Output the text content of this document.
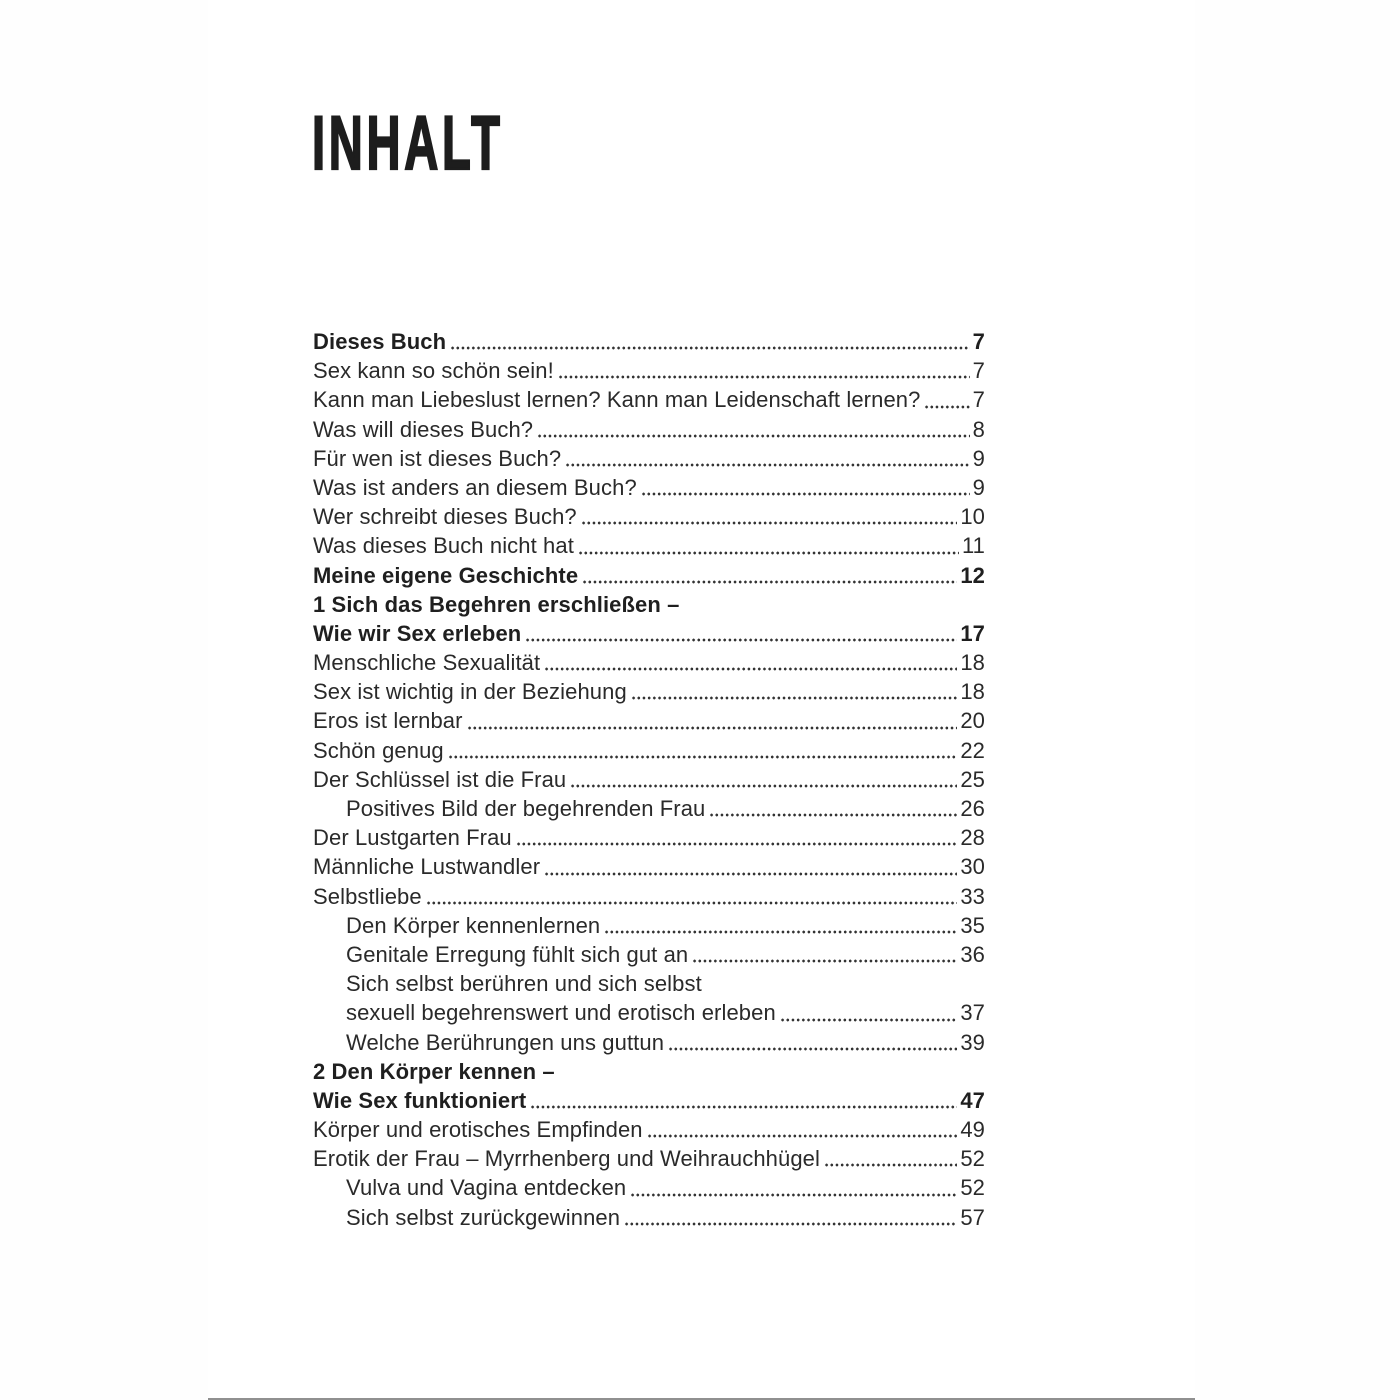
INHALT
Dieses Buch	7
Sex kann so schön sein!	7
Kann man Liebeslust lernen? Kann man Leidenschaft lernen? 7
Was will dieses Buch?	8
Für wen ist dieses Buch?	9
Was ist anders an diesem Buch?	9
Wer schreibt dieses Buch?	10
Was dieses Buch nicht hat	11
Meine eigene Geschichte	12
1 Sich das Begehren erschließen –
Wie wir Sex erleben	17
Menschliche Sexualität	18
Sex ist wichtig in der Beziehung	18
Eros ist lernbar	20
Schön genug	22
Der Schlüssel ist die Frau	25
Positives Bild der begehrenden Frau	26
Der Lustgarten Frau	28
Männliche Lustwandler	30
Selbstliebe	33
Den Körper kennenlernen	35
Genitale Erregung fühlt sich gut an	36
Sich selbst berühren und sich selbst
sexuell begehrenswert und erotisch erleben	37
Welche Berührungen uns guttun	39
2 Den Körper kennen –
Wie Sex funktioniert	47
Körper und erotisches Empfinden	49
Erotik der Frau – Myrrhenberg und Weihrauchhügel	52
Vulva und Vagina entdecken	52
Sich selbst zurückgewinnen	57
